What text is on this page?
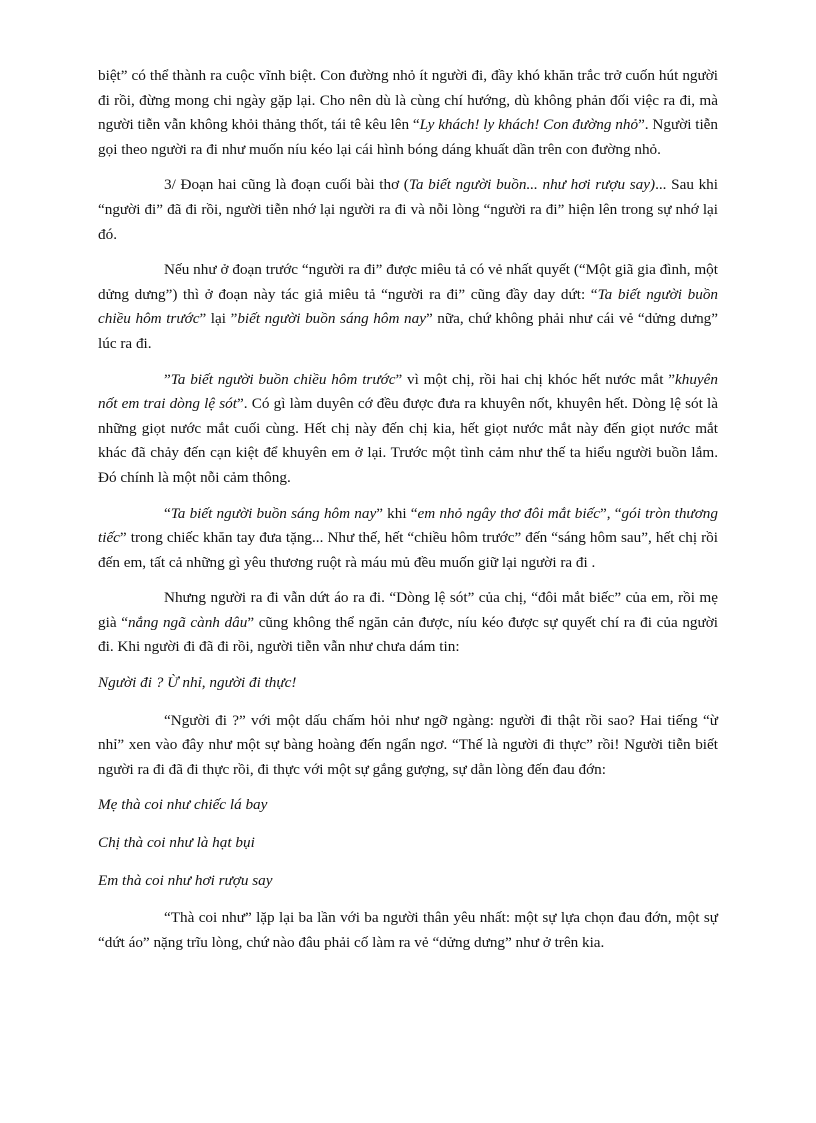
biệt” có thể thành ra cuộc vĩnh biệt. Con đường nhỏ ít người đi, đầy khó khăn trắc trở cuốn hút người đi rồi, đừng mong chi ngày gặp lại. Cho nên dù là cùng chí hướng, dù không phản đối việc ra đi, mà người tiễn vẫn không khỏi thảng thốt, tái tê kêu lên “Ly khách! ly khách! Con đường nhỏ”. Người tiễn gọi theo người ra đi như muốn níu kéo lại cái hình bóng dáng khuất dần trên con đường nhỏ.

3/ Đoạn hai cũng là đoạn cuối bài thơ (Ta biết người buồn... như hơi rượu say)... Sau khi “người đi” đã đi rồi, người tiễn nhớ lại người ra đi và nỗi lòng “người ra đi” hiện lên trong sự nhớ lại đó.

Nếu như ở đoạn trước “người ra đi” được miêu tả có vẻ nhất quyết (“Một giã gia đình, một dửng dưng”) thì ở đoạn này tác giả miêu tả “người ra đi” cũng đầy day dứt: “Ta biết người buồn chiều hôm trước” lại ”biết người buồn sáng hôm nay” nữa, chứ không phải như cái vẻ “dửng dưng” lúc ra đi.

”Ta biết người buồn chiều hôm trước” vì một chị, rồi hai chị khóc hết nước mắt ”khuyên nốt em trai dòng lệ sót”. Có gì làm duyên cớ đều được đưa ra khuyên nốt, khuyên hết. Dòng lệ sót là những giọt nước mắt cuối cùng. Hết chị này đến chị kia, hết giọt nước mắt này đến giọt nước mắt khác đã chảy đến cạn kiệt để khuyên em ở lại. Trước một tình cảm như thế ta hiểu người buồn lắm. Đó chính là một nỗi cảm thông.

“Ta biết người buồn sáng hôm nay” khi “em nhỏ ngây thơ đôi mắt biếc”, “gói tròn thương tiếc” trong chiếc khăn tay đưa tặng... Như thế, hết “chiều hôm trước” đến “sáng hôm sau”, hết chị rồi đến em, tất cả những gì yêu thương ruột rà máu mủ đều muốn giữ lại người ra đi .

Nhưng người ra đi vẫn dứt áo ra đi. “Dòng lệ sót” của chị, “đôi mắt biếc” của em, rồi mẹ già “nắng ngã cành dâu” cũng không thể ngăn cản được, níu kéo được sự quyết chí ra đi của người đi. Khi người đi đã đi rồi, người tiễn vẫn như chưa dám tin:

Người đi ? Ừ nhỉ, người đi thực!

“Người đi ?” với một dấu chấm hỏi như ngỡ ngàng: người đi thật rồi sao? Hai tiếng “ừ nhỉ” xen vào đây như một sự bàng hoàng đến ngẩn ngơ. “Thế là người đi thực” rồi! Người tiễn biết người ra đi đã đi thực rồi, đi thực với một sự gắng gượng, sự dằn lòng đến đau đớn:

Mẹ thà coi như chiếc lá bay

Chị thà coi như là hạt bụi

Em thà coi như hơi rượu say

“Thà coi như” lặp lại ba lần với ba người thân yêu nhất: một sự lựa chọn đau đớn, một sự “dứt áo” nặng trĩu lòng, chứ nào đâu phải cố làm ra vẻ “dửng dưng” như ở trên kia.
